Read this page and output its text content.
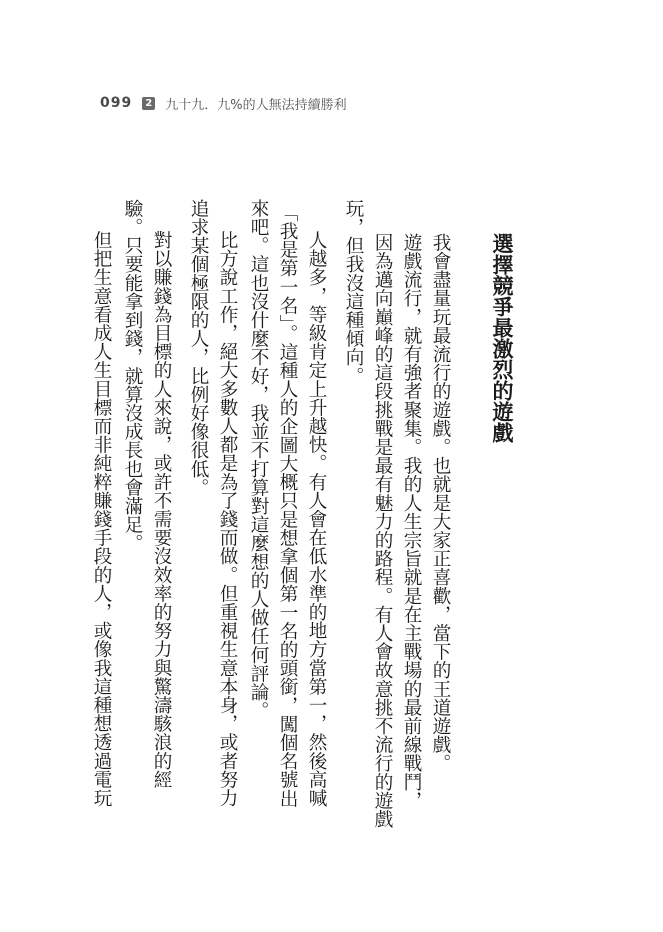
099	2 九十九．九%的人無法持續勝利
選擇競爭最激烈的遊戲
我會盡量玩最流行的遊戲。也就是大家正喜歡，當下的王道遊戲。
遊戲流行，就有強者聚集。我的人生宗旨就是在主戰場的最前線戰鬥，
因為邁向巔峰的這段挑戰是最有魅力的路程。有人會故意挑不流行的遊戲
玩，但我沒這種傾向。
　人越多，等級肯定上升越快。有人會在低水準的地方當第一，然後高喊
「我是第一名」。這種人的企圖大概只是想拿個第一名的頭銜，闖個名號出
來吧。這也沒什麼不好，我並不打算對這麼想的人做任何評論。
　比方說工作，絕大多數人都是為了錢而做。但重視生意本身，或者努力
追求某個極限的人，比例好像很低。
　對以賺錢為目標的人來說，或許不需要沒效率的努力與驚濤駭浪的經
驗。只要能拿到錢，就算沒成長也會滿足。
　但把生意看成人生目標而非純粹賺錢手段的人，或像我這種想透過電玩
